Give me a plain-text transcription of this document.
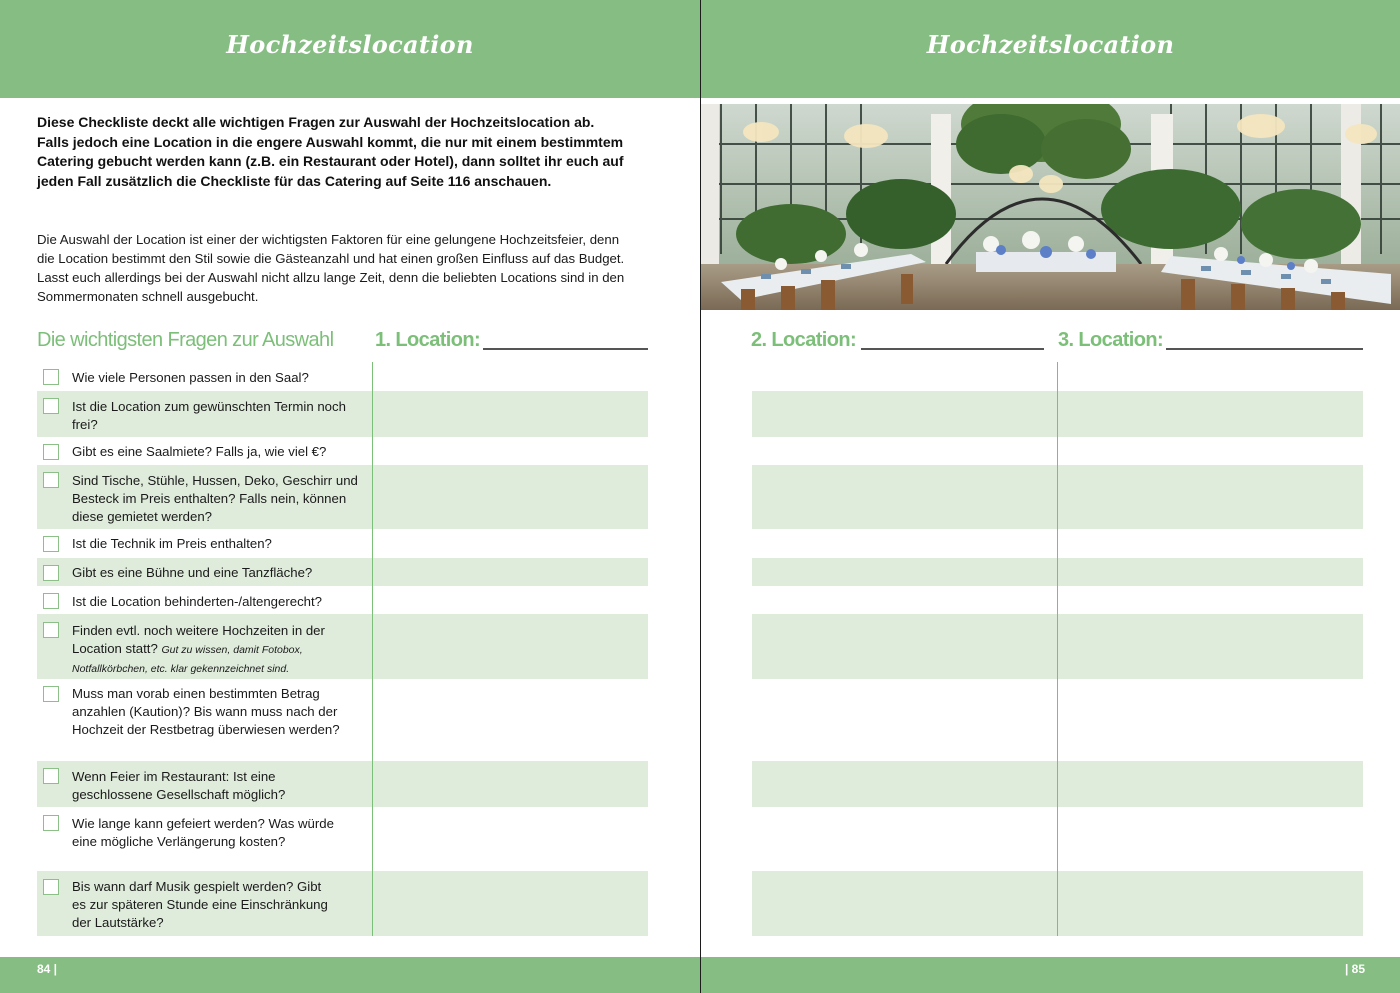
Hochzeitslocation
Diese Checkliste deckt alle wichtigen Fragen zur Auswahl der Hochzeitslocation ab. Falls jedoch eine Location in die engere Auswahl kommt, die nur mit einem bestimmtem Catering gebucht werden kann (z.B. ein Restaurant oder Hotel), dann solltet ihr euch auf jeden Fall zusätzlich die Checkliste für das Catering auf Seite 116 anschauen.
Die Auswahl der Location ist einer der wichtigsten Faktoren für eine gelungene Hochzeitsfeier, denn die Location bestimmt den Stil sowie die Gästeanzahl und hat einen großen Einfluss auf das Budget. Lasst euch allerdings bei der Auswahl nicht allzu lange Zeit, denn die beliebten Locations sind in den Sommermonaten schnell ausgebucht.
Die wichtigsten Fragen zur Auswahl 1. Location:
Wie viele Personen passen in den Saal?
Ist die Location zum gewünschten Termin noch frei?
Gibt es eine Saalmiete? Falls ja, wie viel €?
Sind Tische, Stühle, Hussen, Deko, Geschirr und Besteck im Preis enthalten? Falls nein, können diese gemietet werden?
Ist die Technik im Preis enthalten?
Gibt es eine Bühne und eine Tanzfläche?
Ist die Location behinderten-/altengerecht?
Finden evtl. noch weitere Hochzeiten in der Location statt? Gut zu wissen, damit Fotobox, Notfallkörbchen, etc. klar gekennzeichnet sind.
Muss man vorab einen bestimmten Betrag anzahlen (Kaution)? Bis wann muss nach der Hochzeit der Restbetrag überwiesen werden?
Wenn Feier im Restaurant: Ist eine geschlossene Gesellschaft möglich?
Wie lange kann gefeiert werden? Was würde eine mögliche Verlängerung kosten?
Bis wann darf Musik gespielt werden? Gibt es zur späteren Stunde eine Einschränkung der Lautstärke?
84 |
Hochzeitslocation
2. Location:	3. Location:
| 85
